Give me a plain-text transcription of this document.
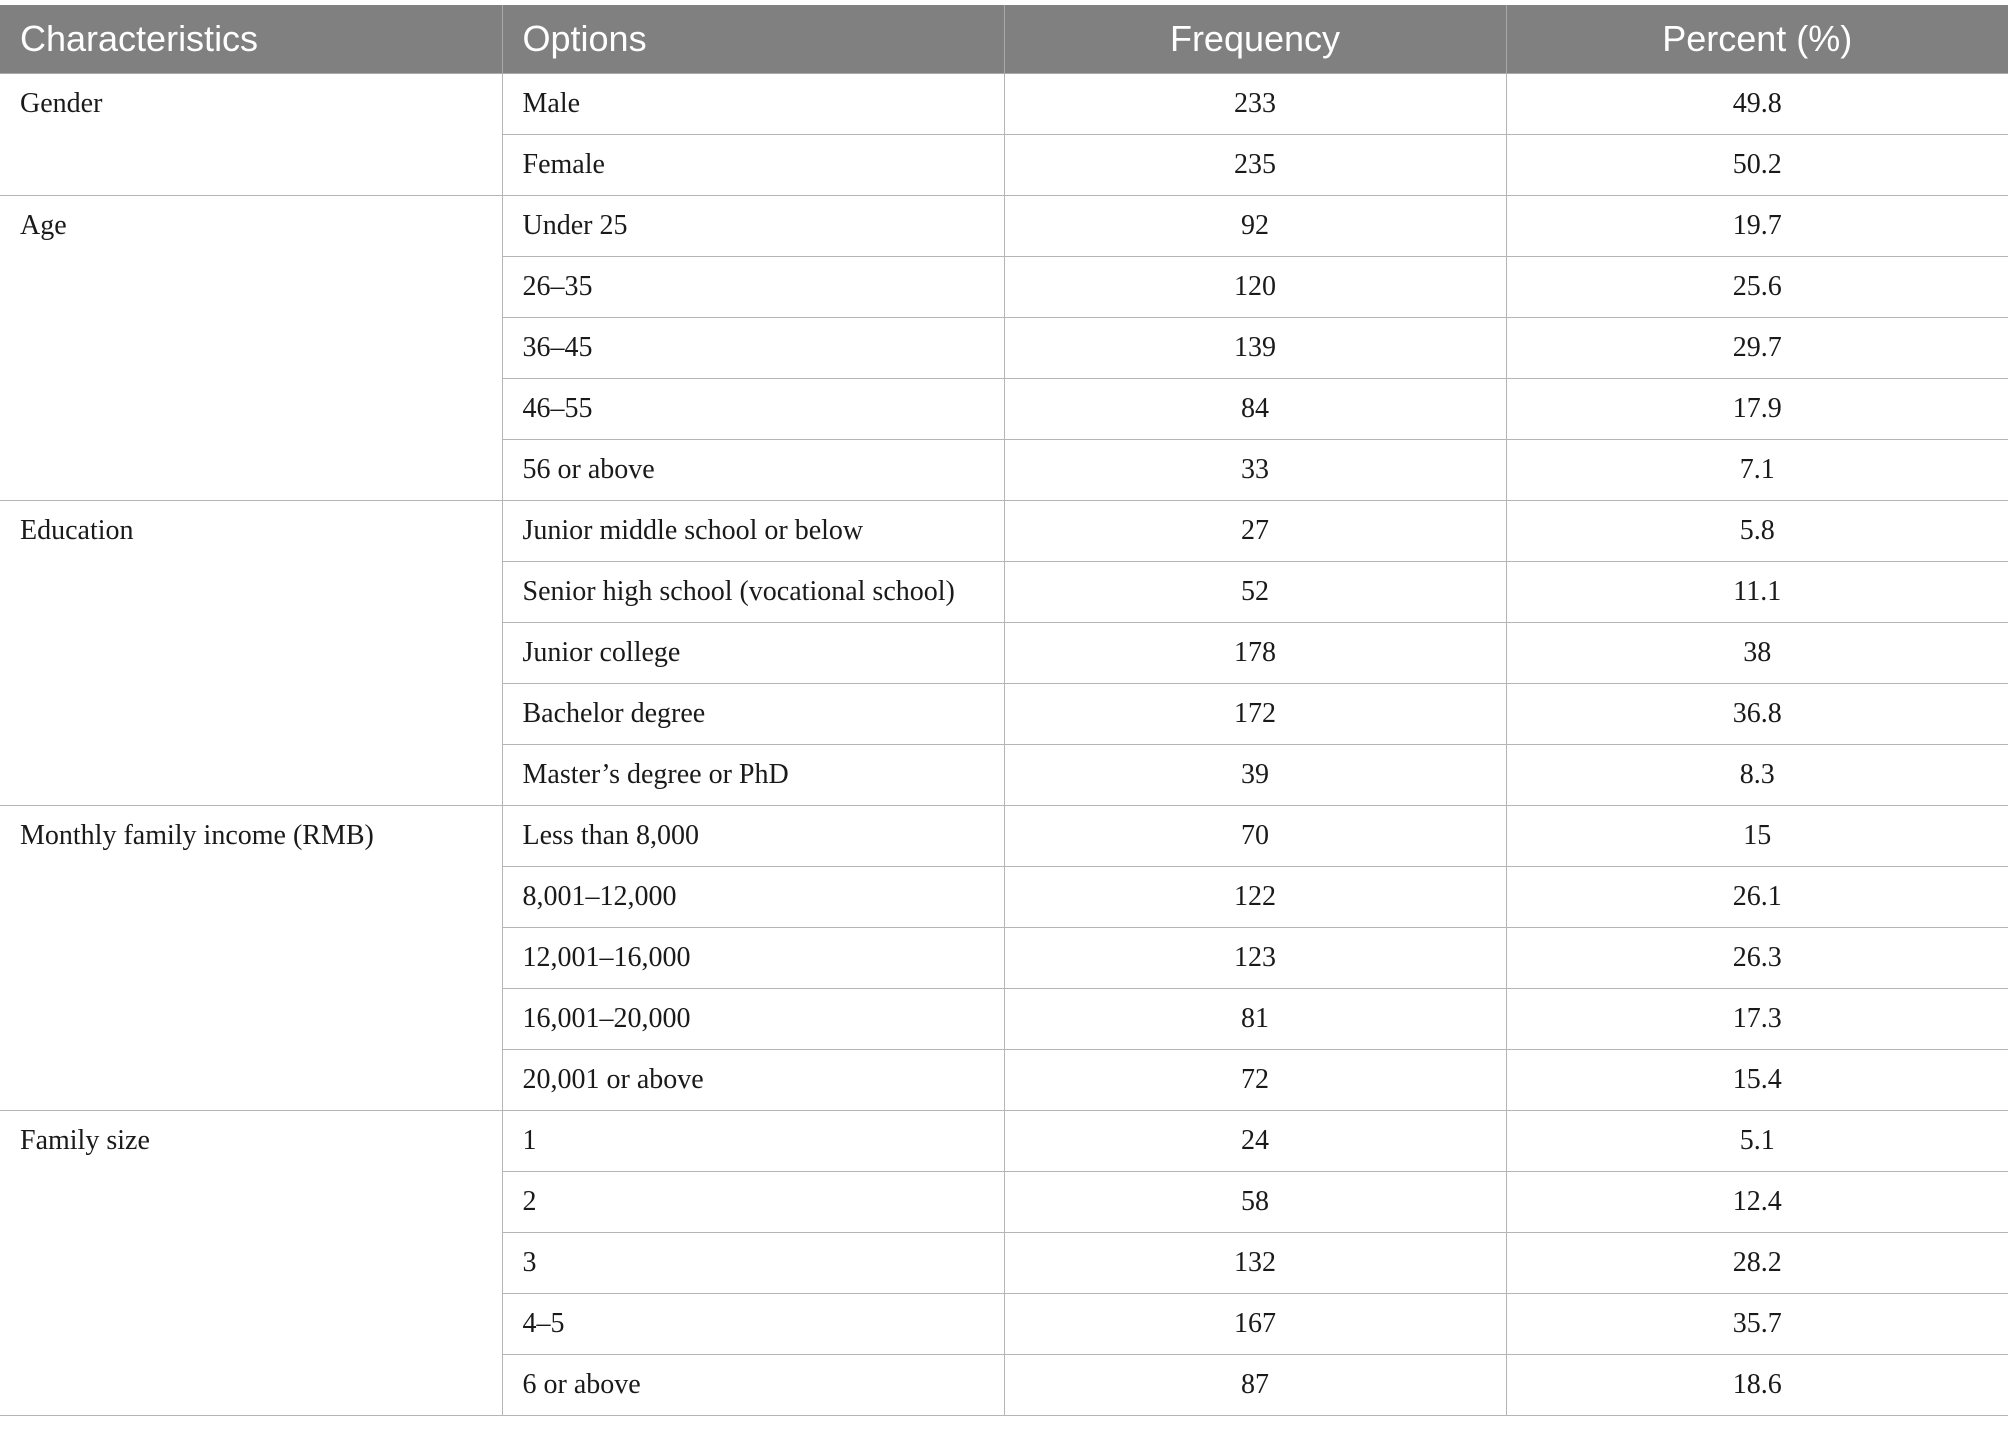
Characteristics	Options	Frequency	Percent (%)
Gender	Male	233	49.8
	Female	235	50.2
Age	Under 25	92	19.7
	26–35	120	25.6
	36–45	139	29.7
	46–55	84	17.9
	56 or above	33	7.1
Education	Junior middle school or below	27	5.8
	Senior high school (vocational school)	52	11.1
	Junior college	178	38
	Bachelor degree	172	36.8
	Master’s degree or PhD	39	8.3
Monthly family income (RMB)	Less than 8,000	70	15
	8,001–12,000	122	26.1
	12,001–16,000	123	26.3
	16,001–20,000	81	17.3
	20,001 or above	72	15.4
Family size	1	24	5.1
	2	58	12.4
	3	132	28.2
	4–5	167	35.7
	6 or above	87	18.6
